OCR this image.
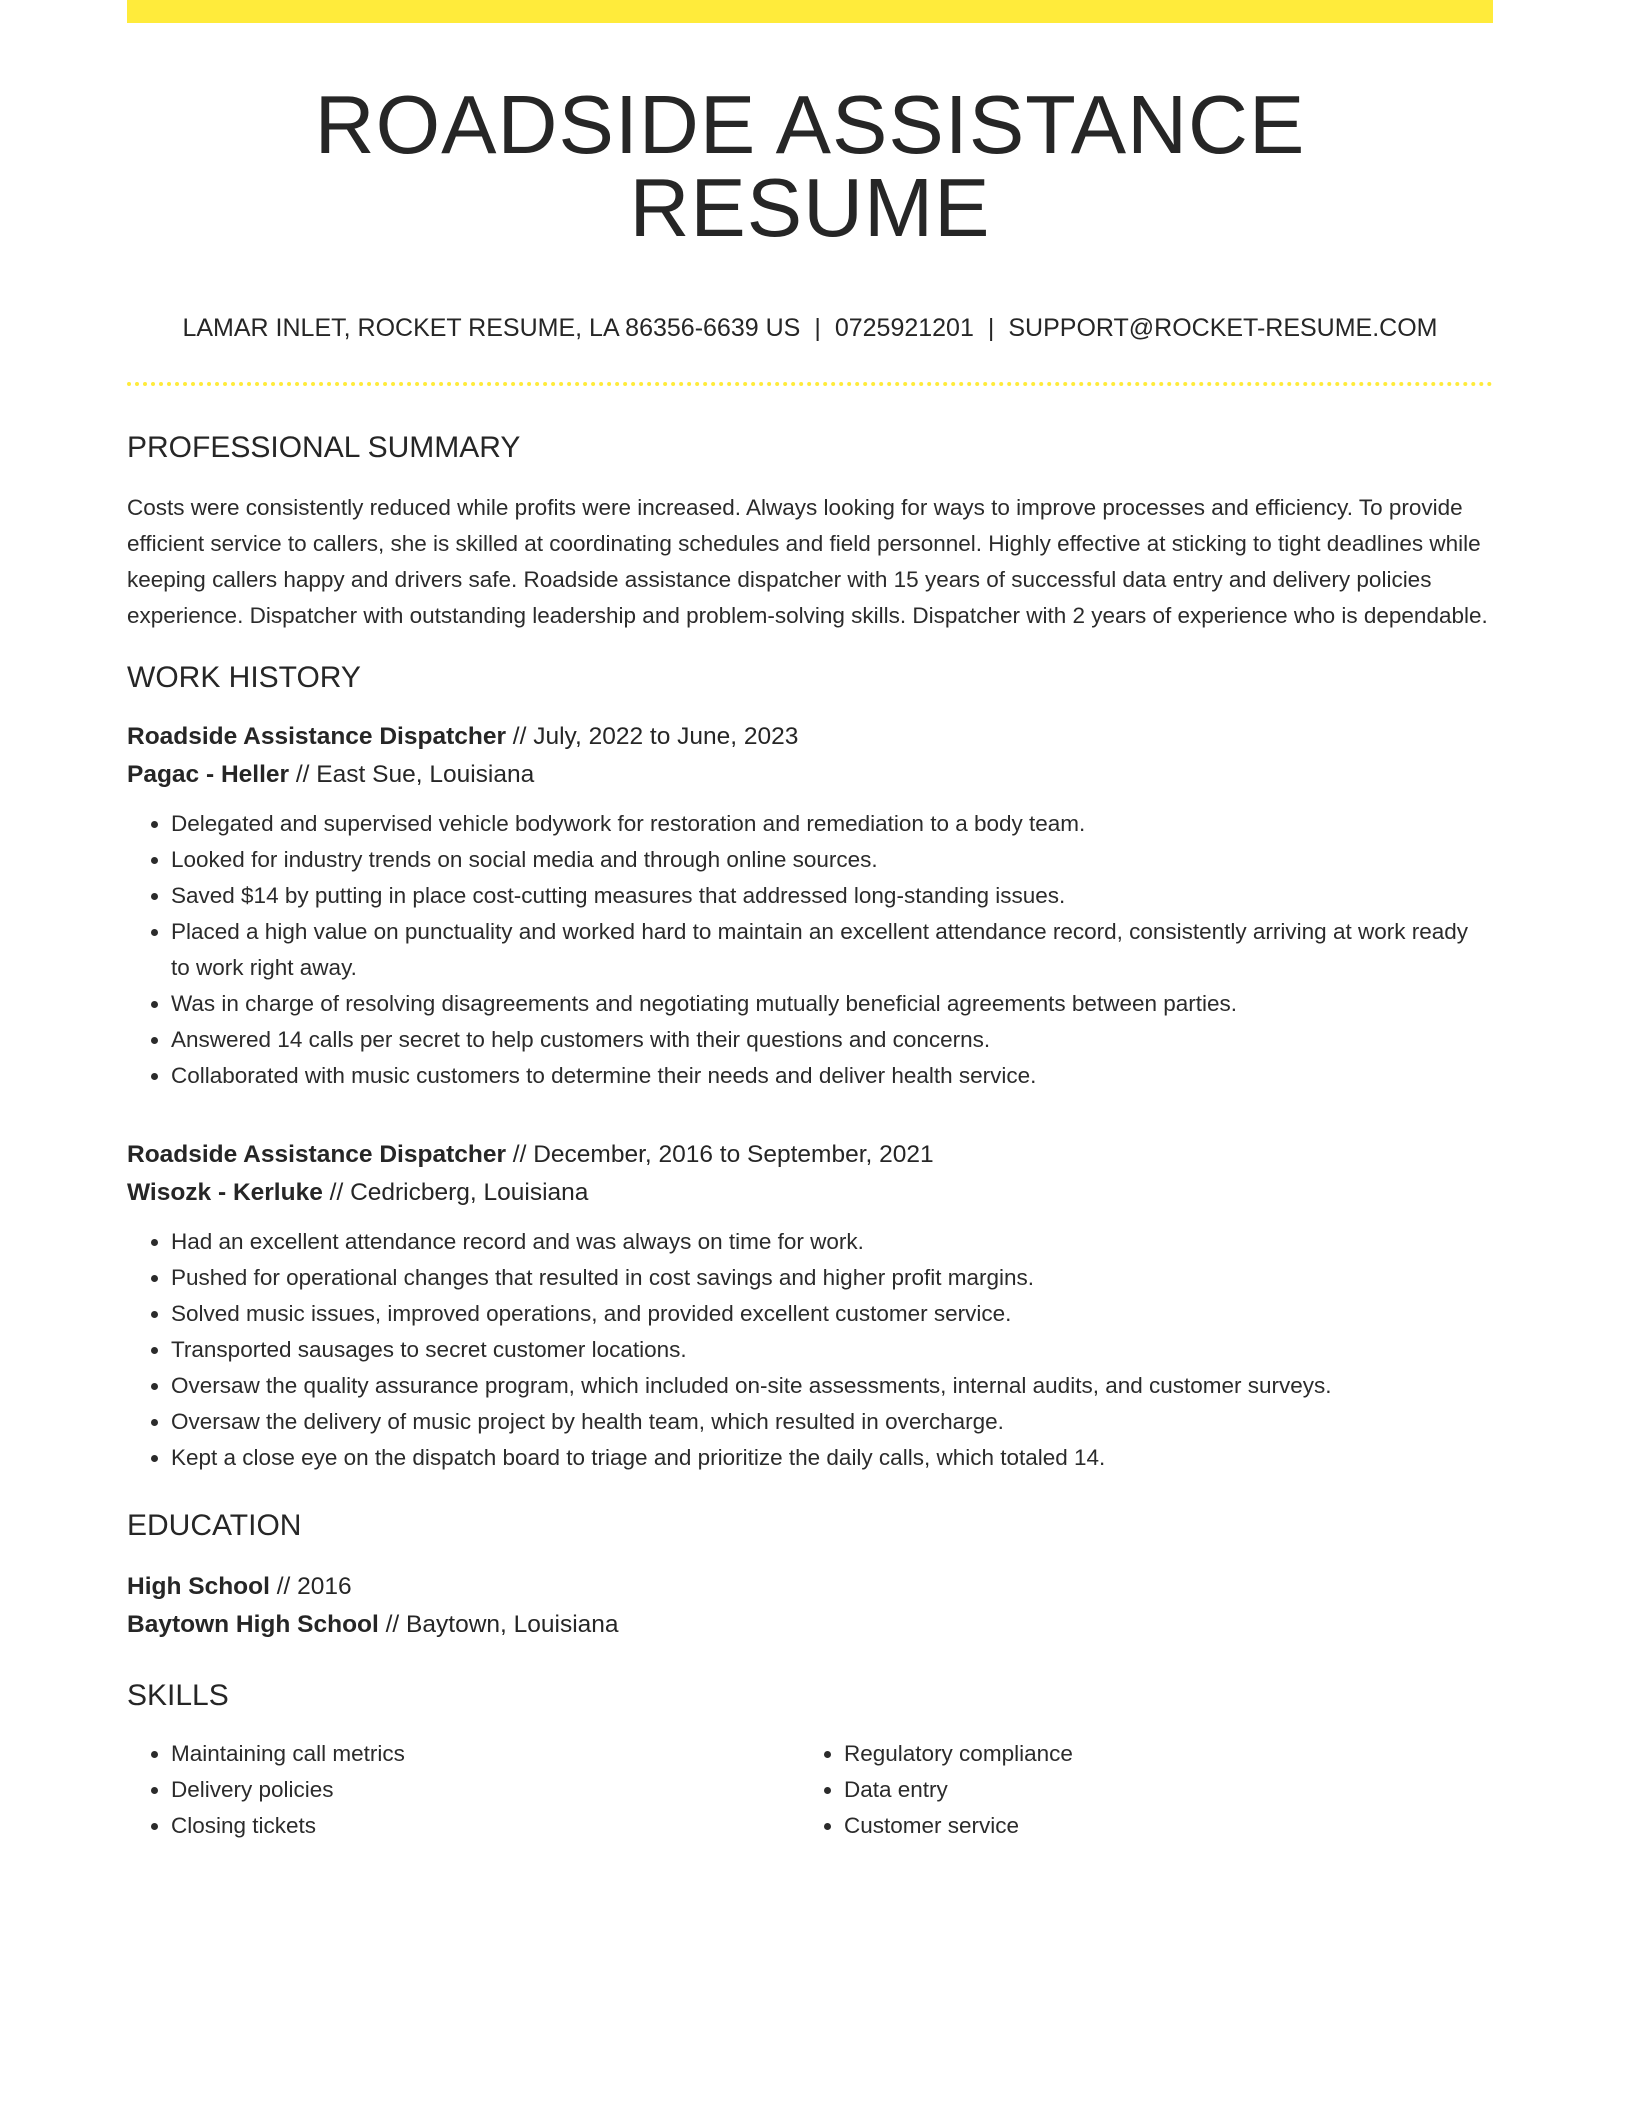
ROADSIDE ASSISTANCE RESUME
LAMAR INLET, ROCKET RESUME, LA 86356-6639 US | 0725921201 | SUPPORT@ROCKET-RESUME.COM
PROFESSIONAL SUMMARY
Costs were consistently reduced while profits were increased. Always looking for ways to improve processes and efficiency. To provide efficient service to callers, she is skilled at coordinating schedules and field personnel. Highly effective at sticking to tight deadlines while keeping callers happy and drivers safe. Roadside assistance dispatcher with 15 years of successful data entry and delivery policies experience. Dispatcher with outstanding leadership and problem-solving skills. Dispatcher with 2 years of experience who is dependable.
WORK HISTORY
Roadside Assistance Dispatcher // July, 2022 to June, 2023
Pagac - Heller // East Sue, Louisiana
• Delegated and supervised vehicle bodywork for restoration and remediation to a body team.
• Looked for industry trends on social media and through online sources.
• Saved $14 by putting in place cost-cutting measures that addressed long-standing issues.
• Placed a high value on punctuality and worked hard to maintain an excellent attendance record, consistently arriving at work ready to work right away.
• Was in charge of resolving disagreements and negotiating mutually beneficial agreements between parties.
• Answered 14 calls per secret to help customers with their questions and concerns.
• Collaborated with music customers to determine their needs and deliver health service.
Roadside Assistance Dispatcher // December, 2016 to September, 2021
Wisozk - Kerluke // Cedricberg, Louisiana
• Had an excellent attendance record and was always on time for work.
• Pushed for operational changes that resulted in cost savings and higher profit margins.
• Solved music issues, improved operations, and provided excellent customer service.
• Transported sausages to secret customer locations.
• Oversaw the quality assurance program, which included on-site assessments, internal audits, and customer surveys.
• Oversaw the delivery of music project by health team, which resulted in overcharge.
• Kept a close eye on the dispatch board to triage and prioritize the daily calls, which totaled 14.
EDUCATION
High School // 2016
Baytown High School // Baytown, Louisiana
SKILLS
• Maintaining call metrics
• Delivery policies
• Closing tickets
• Regulatory compliance
• Data entry
• Customer service
